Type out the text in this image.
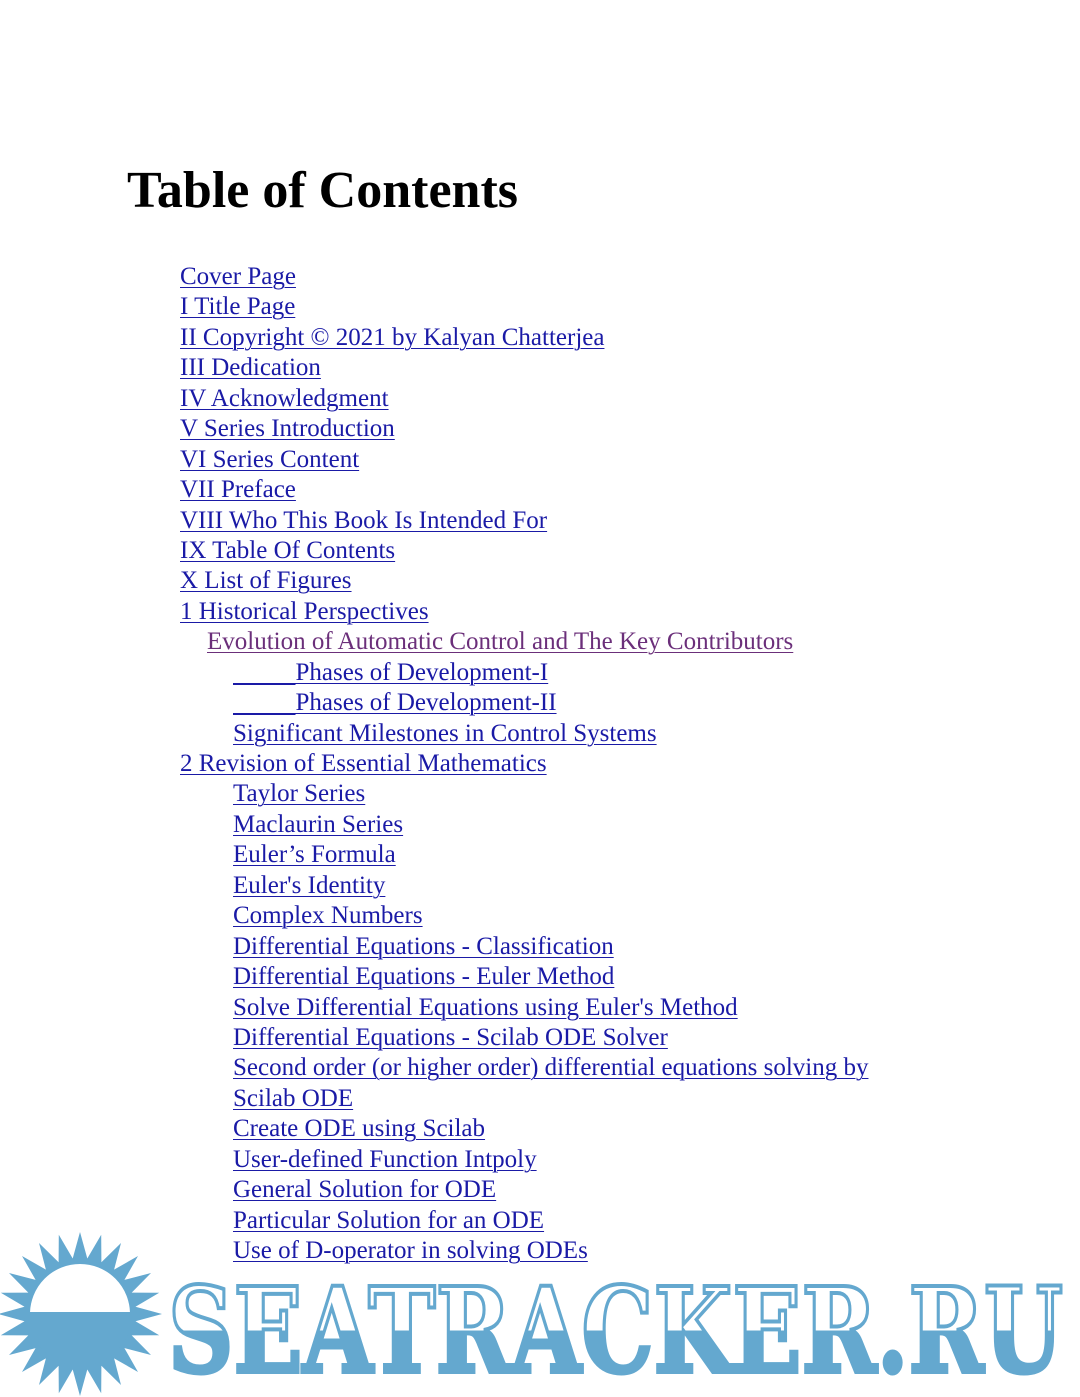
Table of Contents
Cover Page
I Title Page
II Copyright © 2021 by Kalyan Chatterjea
III Dedication
IV Acknowledgment
V Series Introduction
VI Series Content
VII Preface
VIII Who This Book Is Intended For
IX Table Of Contents
X List of Figures
1 Historical Perspectives
Evolution of Automatic Control and The Key Contributors
Phases of Development-I
Phases of Development-II
Significant Milestones in Control Systems
2 Revision of Essential Mathematics
Taylor Series
Maclaurin Series
Euler’s Formula
Euler's Identity
Complex Numbers
Differential Equations - Classification
Differential Equations - Euler Method
Solve Differential Equations using Euler's Method
Differential Equations - Scilab ODE Solver
Second order (or higher order) differential equations solving by
Scilab ODE
Create ODE using Scilab
User-defined Function Intpoly
General Solution for ODE
Particular Solution for an ODE
Use of D-operator in solving ODEs
SEATRACKER.RU
